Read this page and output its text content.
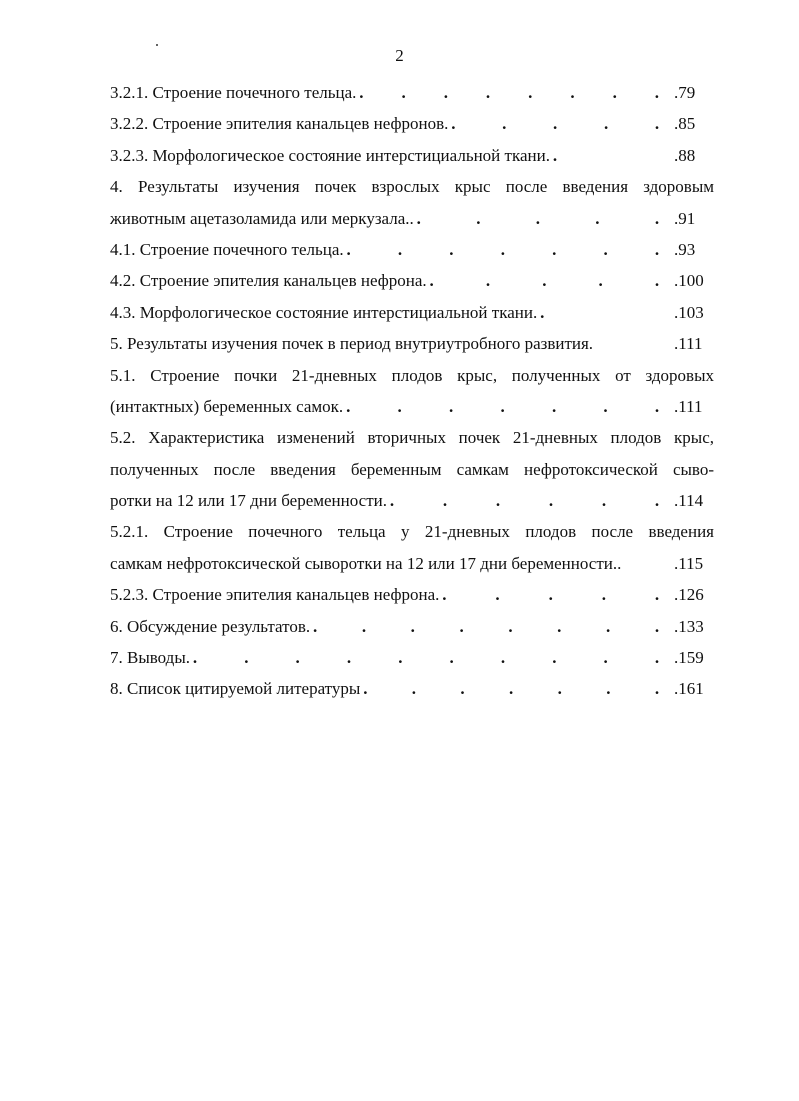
2
3.2.1. Строение почечного тельца. . . . . . . . . .79
3.2.2. Строение эпителия канальцев нефронов. .	.	.	.	. .85
3.2.3. Морфологическое состояние интерстициальной ткани. .	.88
4. Результаты изучения почек взрослых крыс после введения здоровым
животным ацетазоламида или меркузала.. .	.	.	.	. .91
4.1. Строение почечного тельца. .	.	.	.	.	.	. .93
4.2. Строение эпителия канальцев нефрона. .	.	.	.	. .100
4.3. Морфологическое состояние интерстициальной ткани. .	.103
5. Результаты изучения почек в период внутриутробного развития.	.111
5.1. Строение почки 21-дневных плодов крыс, полученных от здоровых
(интактных) беременных самок. .	.	.	.	.	.	. .111
5.2. Характеристика изменений вторичных почек 21-дневных плодов крыс,
полученных после введения беременным самкам нефротоксической сыво-
ротки на 12 или 17 дни беременности. .	.	.	.	.	. .114
5.2.1. Строение почечного тельца у 21-дневных плодов после введения
самкам нефротоксической сыворотки на 12 или 17 дни беременности..	.115
5.2.3. Строение эпителия канальцев нефрона. .	.	.	.	. .126
6. Обсуждение результатов. .	.	.	.	.	.	.	. .133
7. Выводы. .	.	.	.	.	.	.	.	.	. .159
8. Список цитируемой литературы .	.	.	.	.	.	. .161
